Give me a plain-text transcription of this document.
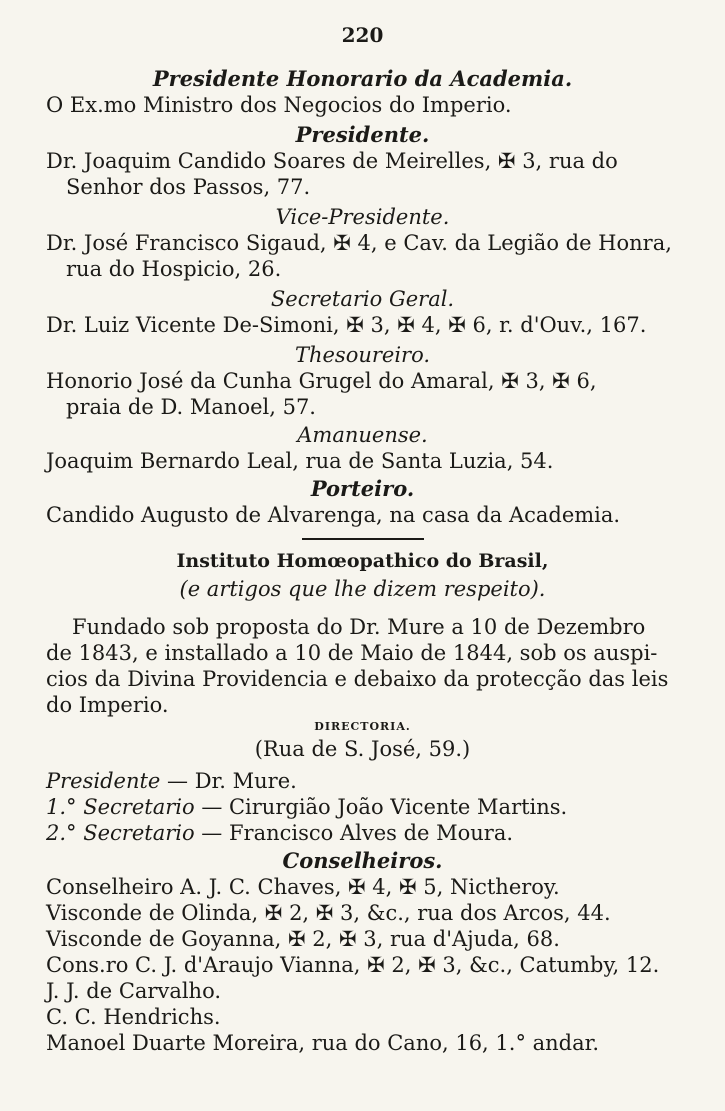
220
Presidente Honorario da Academia.
O Ex.mo Ministro dos Negocios do Imperio.
Presidente.
Dr. Joaquim Candido Soares de Meirelles, ✠ 3, rua do
Senhor dos Passos, 77.
Vice-Presidente.
Dr. José Francisco Sigaud, ✠ 4, e Cav. da Legião de Honra,
rua do Hospicio, 26.
Secretario Geral.
Dr. Luiz Vicente De-Simoni, ✠ 3, ✠ 4, ✠ 6, r. d'Ouv., 167.
Thesoureiro.
Honorio José da Cunha Grugel do Amaral, ✠ 3, ✠ 6,
praia de D. Manoel, 57.
Amanuense.
Joaquim Bernardo Leal, rua de Santa Luzia, 54.
Porteiro.
Candido Augusto de Alvarenga, na casa da Academia.
Instituto Homœopathico do Brasil,
(e artigos que lhe dizem respeito).
Fundado sob proposta do Dr. Mure a 10 de Dezembro
de 1843, e installado a 10 de Maio de 1844, sob os auspi-
cios da Divina Providencia e debaixo da protecção das leis
do Imperio.
DIRECTORIA.
(Rua de S. José, 59.)
Presidente — Dr. Mure.
1.° Secretario — Cirurgião João Vicente Martins.
2.° Secretario — Francisco Alves de Moura.
Conselheiros.
Conselheiro A. J. C. Chaves, ✠ 4, ✠ 5, Nictheroy.
Visconde de Olinda, ✠ 2, ✠ 3, &c., rua dos Arcos, 44.
Visconde de Goyanna, ✠ 2, ✠ 3, rua d'Ajuda, 68.
Cons.ro C. J. d'Araujo Vianna, ✠ 2, ✠ 3, &c., Catumby, 12.
J. J. de Carvalho.
C. C. Hendrichs.
Manoel Duarte Moreira, rua do Cano, 16, 1.° andar.
